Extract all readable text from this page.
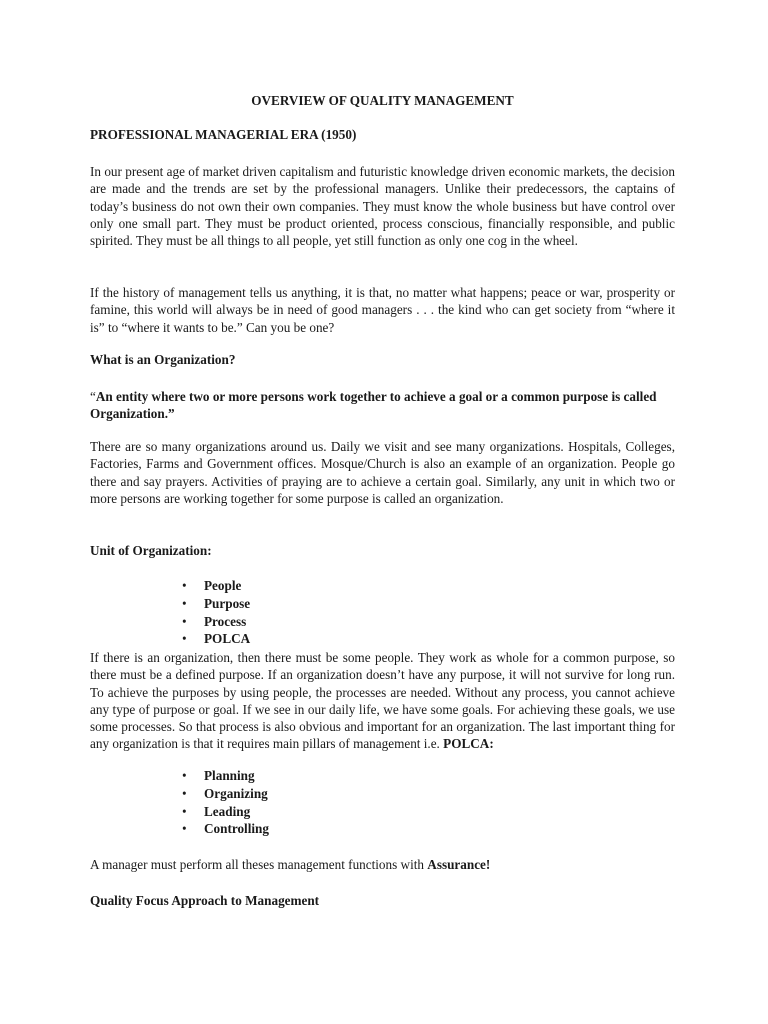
OVERVIEW OF QUALITY MANAGEMENT
PROFESSIONAL MANAGERIAL ERA (1950)

In our present age of market driven capitalism and futuristic knowledge driven economic markets, the decision are made and the trends are set by the professional managers. Unlike their predecessors, the captains of today’s business do not own their own companies. They must know the whole business but have control over only one small part. They must be product oriented, process conscious, financially responsible, and public spirited. They must be all things to all people, yet still function as only one cog in the wheel.

If the history of management tells us anything, it is that, no matter what happens; peace or war, prosperity or famine, this world will always be in need of good managers . . . the kind who can get society from “where it is” to “where it wants to be.” Can you be one?

What is an Organization?

“An entity where two or more persons work together to achieve a goal or a common purpose is called Organization.”

There are so many organizations around us. Daily we visit and see many organizations. Hospitals, Colleges, Factories, Farms and Government offices. Mosque/Church is also an example of an organization. People go there and say prayers. Activities of praying are to achieve a certain goal. Similarly, any unit in which two or more persons are working together for some purpose is called an organization.

Unit of Organization:
• People
• Purpose
• Process
• POLCA

If there is an organization, then there must be some people. They work as whole for a common purpose, so there must be a defined purpose. If an organization doesn’t have any purpose, it will not survive for long run. To achieve the purposes by using people, the processes are needed. Without any process, you cannot achieve any type of purpose or goal. If we see in our daily life, we have some goals. For achieving these goals, we use some processes. So that process is also obvious and important for an organization. The last important thing for any organization is that it requires main pillars of management i.e. POLCA:

• Planning
• Organizing
• Leading
• Controlling

A manager must perform all theses management functions with Assurance!

Quality Focus Approach to Management
